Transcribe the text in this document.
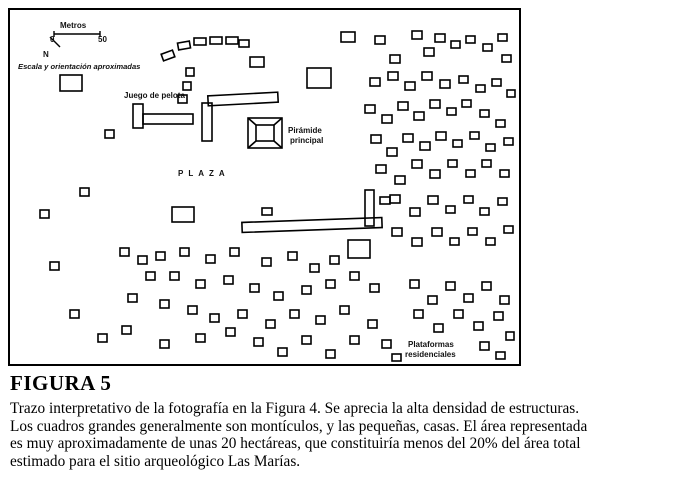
Metros
0	50
N
Escala y orientación aproximadas
Juego de pelota
Pirámide
principal
PLAZA
Plataformas
residenciales
FIGURA 5
Trazo interpretativo de la fotografía en la Figura 4. Se aprecia la alta densidad de estructuras.
Los cuadros grandes generalmente son montículos, y las pequeñas, casas. El área representada
es muy aproximadamente de unas 20 hectáreas, que constituiría menos del 20% del área total
estimado para el sitio arqueológico Las Marías.
